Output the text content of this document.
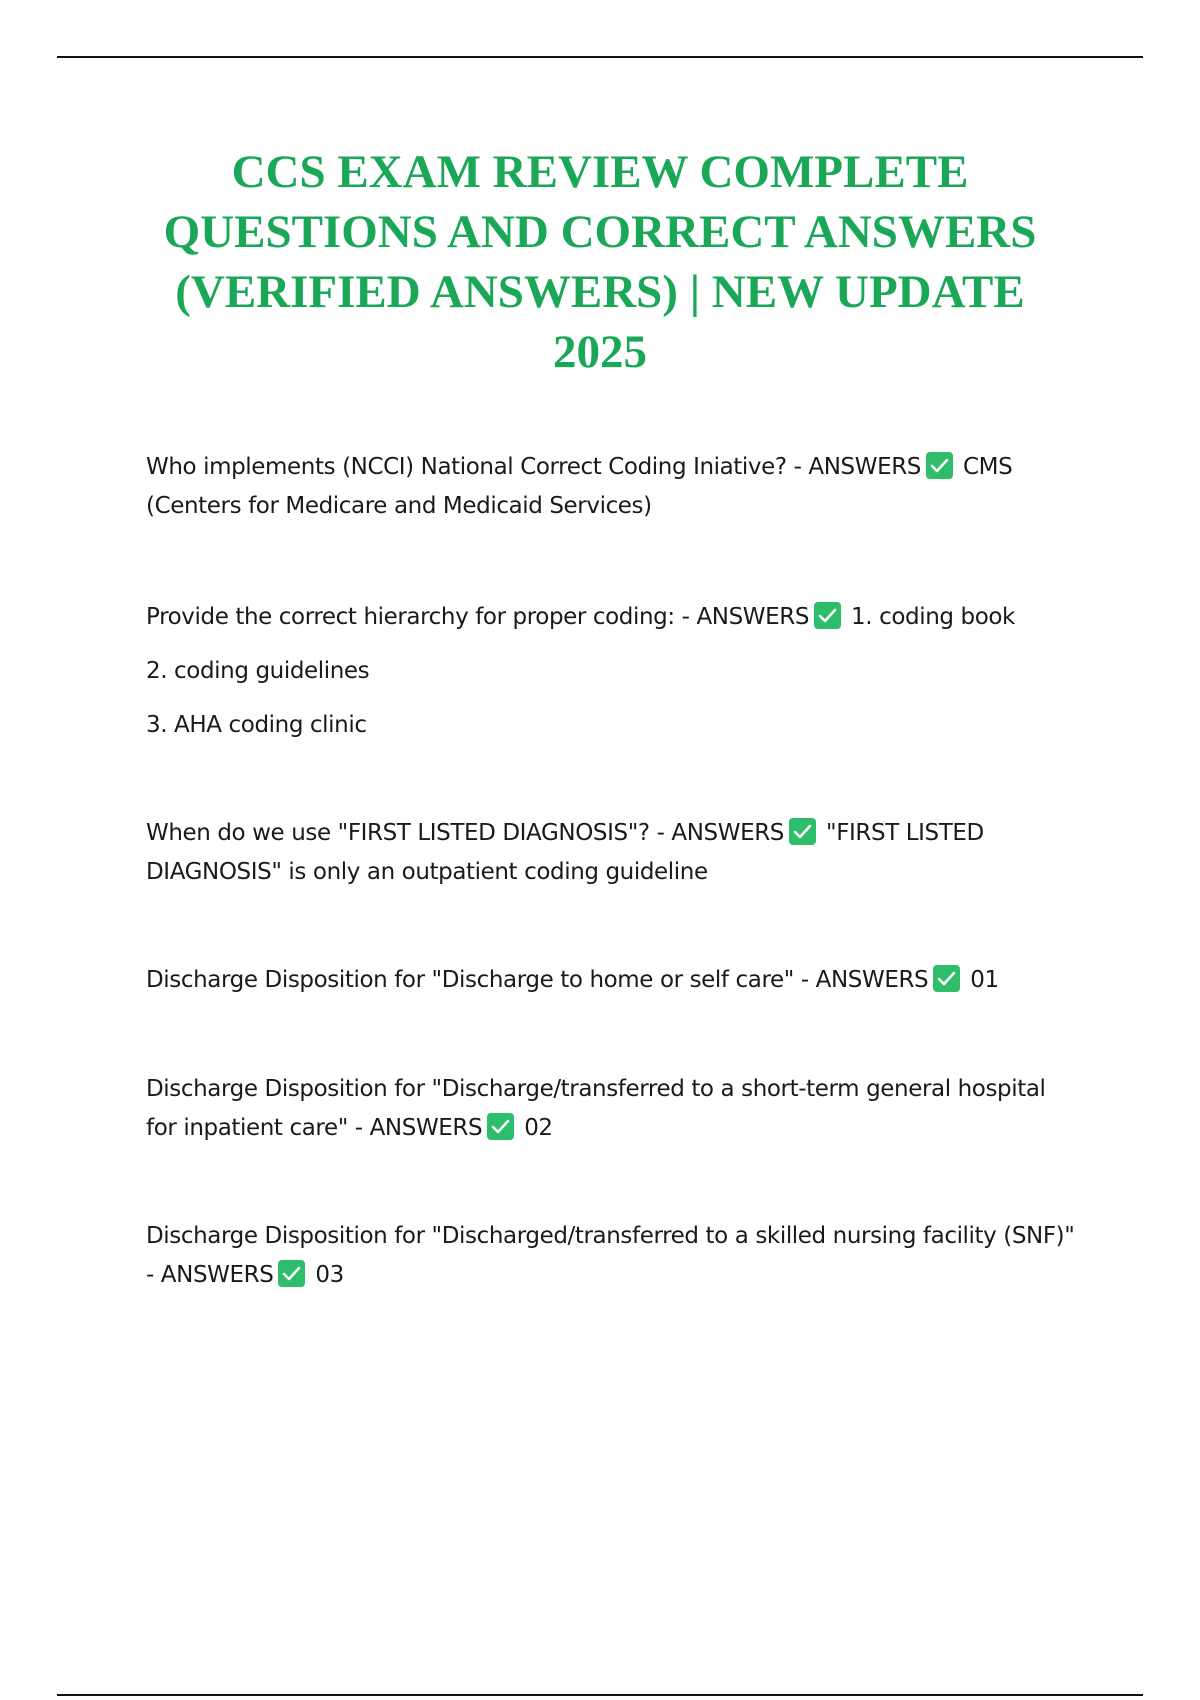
CCS EXAM REVIEW COMPLETE
QUESTIONS AND CORRECT ANSWERS
(VERIFIED ANSWERS) | NEW UPDATE
2025

Who implements (NCCI) National Correct Coding Iniative? - ANSWERS CMS (Centers for Medicare and Medicaid Services)

Provide the correct hierarchy for proper coding: - ANSWERS 1. coding book

2. coding guidelines

3. AHA coding clinic

When do we use "FIRST LISTED DIAGNOSIS"? - ANSWERS "FIRST LISTED DIAGNOSIS" is only an outpatient coding guideline

Discharge Disposition for "Discharge to home or self care" - ANSWERS 01

Discharge Disposition for "Discharge/transferred to a short-term general hospital for inpatient care" - ANSWERS 02

Discharge Disposition for "Discharged/transferred to a skilled nursing facility (SNF)" - ANSWERS 03
